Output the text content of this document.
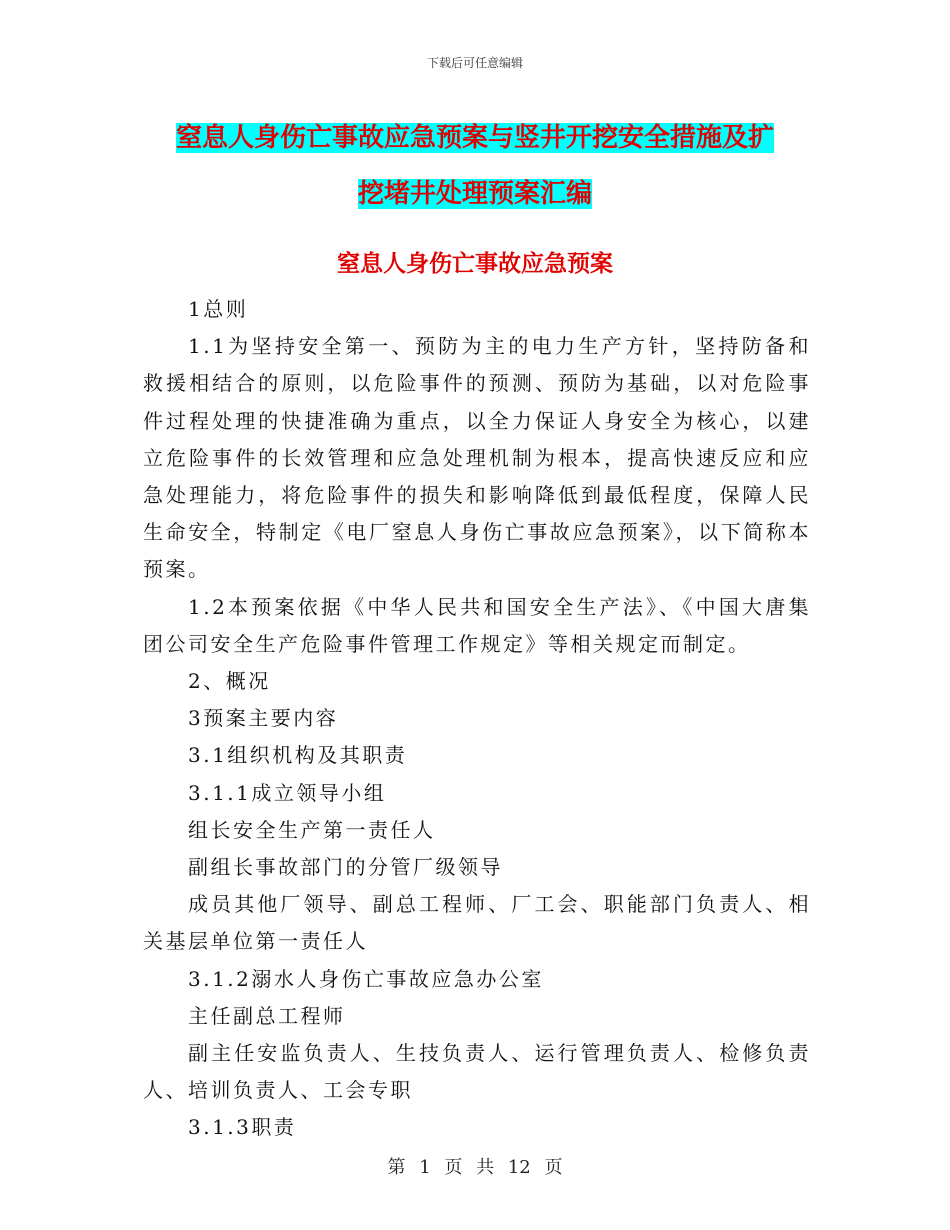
下载后可任意编辑
窒息人身伤亡事故应急预案与竖井开挖安全措施及扩
挖堵井处理预案汇编
窒息人身伤亡事故应急预案

1总则

1.1为坚持安全第一、预防为主的电力生产方针，坚持防备和救援相结合的原则，以危险事件的预测、预防为基础，以对危险事件过程处理的快捷准确为重点，以全力保证人身安全为核心，以建立危险事件的长效管理和应急处理机制为根本，提高快速反应和应急处理能力，将危险事件的损失和影响降低到最低程度，保障人民生命安全，特制定《电厂窒息人身伤亡事故应急预案》，以下简称本预案。

1.2本预案依据《中华人民共和国安全生产法》、《中国大唐集团公司安全生产危险事件管理工作规定》等相关规定而制定。

2、概况

3预案主要内容

3.1组织机构及其职责

3.1.1成立领导小组

组长安全生产第一责任人

副组长事故部门的分管厂级领导

成员其他厂领导、副总工程师、厂工会、职能部门负责人、相关基层单位第一责任人

3.1.2溺水人身伤亡事故应急办公室

主任副总工程师

副主任安监负责人、生技负责人、运行管理负责人、检修负责人、培训负责人、工会专职

3.1.3职责

第 1 页 共 12 页
